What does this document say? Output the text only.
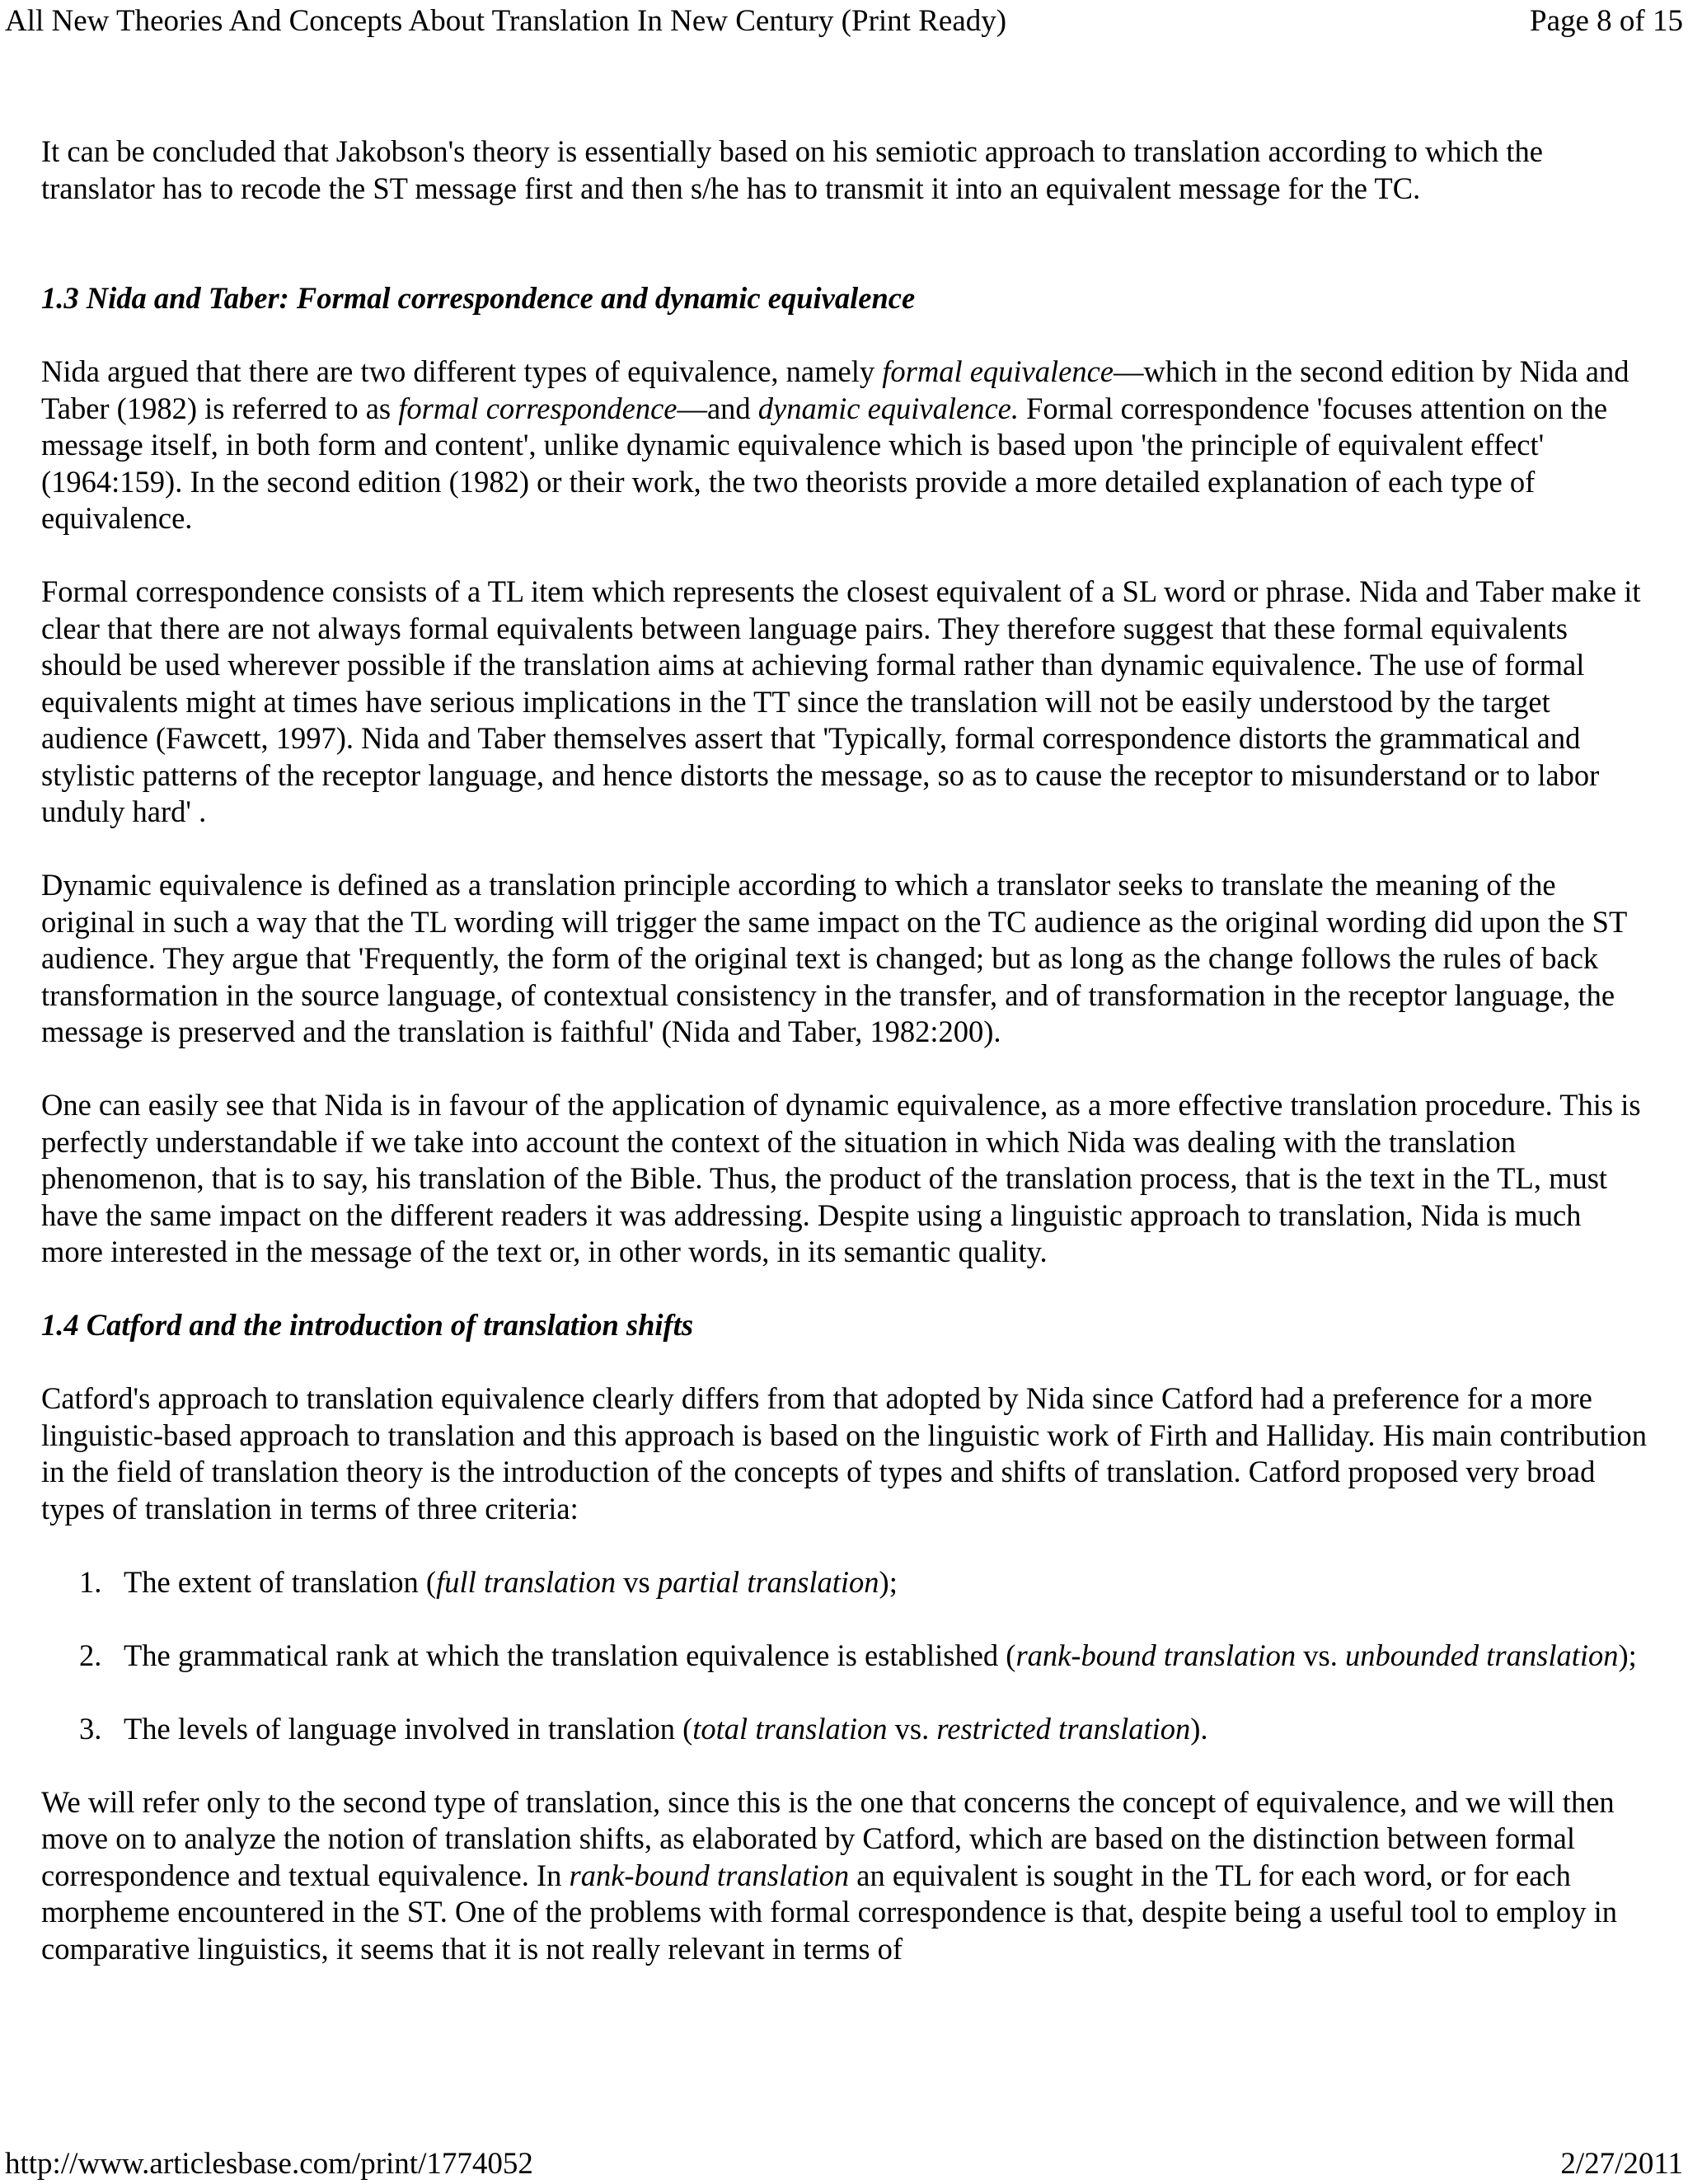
All New Theories And Concepts About Translation In New Century (Print Ready)	Page 8 of 15

It can be concluded that Jakobson's theory is essentially based on his semiotic approach to translation according to which the translator has to recode the ST message first and then s/he has to transmit it into an equivalent message for the TC.

1.3 Nida and Taber: Formal correspondence and dynamic equivalence

Nida argued that there are two different types of equivalence, namely formal equivalence—which in the second edition by Nida and Taber (1982) is referred to as formal correspondence—and dynamic equivalence. Formal correspondence 'focuses attention on the message itself, in both form and content', unlike dynamic equivalence which is based upon 'the principle of equivalent effect' (1964:159). In the second edition (1982) or their work, the two theorists provide a more detailed explanation of each type of equivalence.

Formal correspondence consists of a TL item which represents the closest equivalent of a SL word or phrase. Nida and Taber make it clear that there are not always formal equivalents between language pairs. They therefore suggest that these formal equivalents should be used wherever possible if the translation aims at achieving formal rather than dynamic equivalence. The use of formal equivalents might at times have serious implications in the TT since the translation will not be easily understood by the target audience (Fawcett, 1997). Nida and Taber themselves assert that 'Typically, formal correspondence distorts the grammatical and stylistic patterns of the receptor language, and hence distorts the message, so as to cause the receptor to misunderstand or to labor unduly hard' .

Dynamic equivalence is defined as a translation principle according to which a translator seeks to translate the meaning of the original in such a way that the TL wording will trigger the same impact on the TC audience as the original wording did upon the ST audience. They argue that 'Frequently, the form of the original text is changed; but as long as the change follows the rules of back transformation in the source language, of contextual consistency in the transfer, and of transformation in the receptor language, the message is preserved and the translation is faithful' (Nida and Taber, 1982:200).

One can easily see that Nida is in favour of the application of dynamic equivalence, as a more effective translation procedure. This is perfectly understandable if we take into account the context of the situation in which Nida was dealing with the translation phenomenon, that is to say, his translation of the Bible. Thus, the product of the translation process, that is the text in the TL, must have the same impact on the different readers it was addressing. Despite using a linguistic approach to translation, Nida is much more interested in the message of the text or, in other words, in its semantic quality.

1.4 Catford and the introduction of translation shifts

Catford's approach to translation equivalence clearly differs from that adopted by Nida since Catford had a preference for a more linguistic-based approach to translation and this approach is based on the linguistic work of Firth and Halliday. His main contribution in the field of translation theory is the introduction of the concepts of types and shifts of translation. Catford proposed very broad types of translation in terms of three criteria:

1. The extent of translation (full translation vs partial translation);
2. The grammatical rank at which the translation equivalence is established (rank-bound translation vs. unbounded translation);
3. The levels of language involved in translation (total translation vs. restricted translation).

We will refer only to the second type of translation, since this is the one that concerns the concept of equivalence, and we will then move on to analyze the notion of translation shifts, as elaborated by Catford, which are based on the distinction between formal correspondence and textual equivalence. In rank-bound translation an equivalent is sought in the TL for each word, or for each morpheme encountered in the ST. One of the problems with formal correspondence is that, despite being a useful tool to employ in comparative linguistics, it seems that it is not really relevant in terms of

http://www.articlesbase.com/print/1774052	2/27/2011
